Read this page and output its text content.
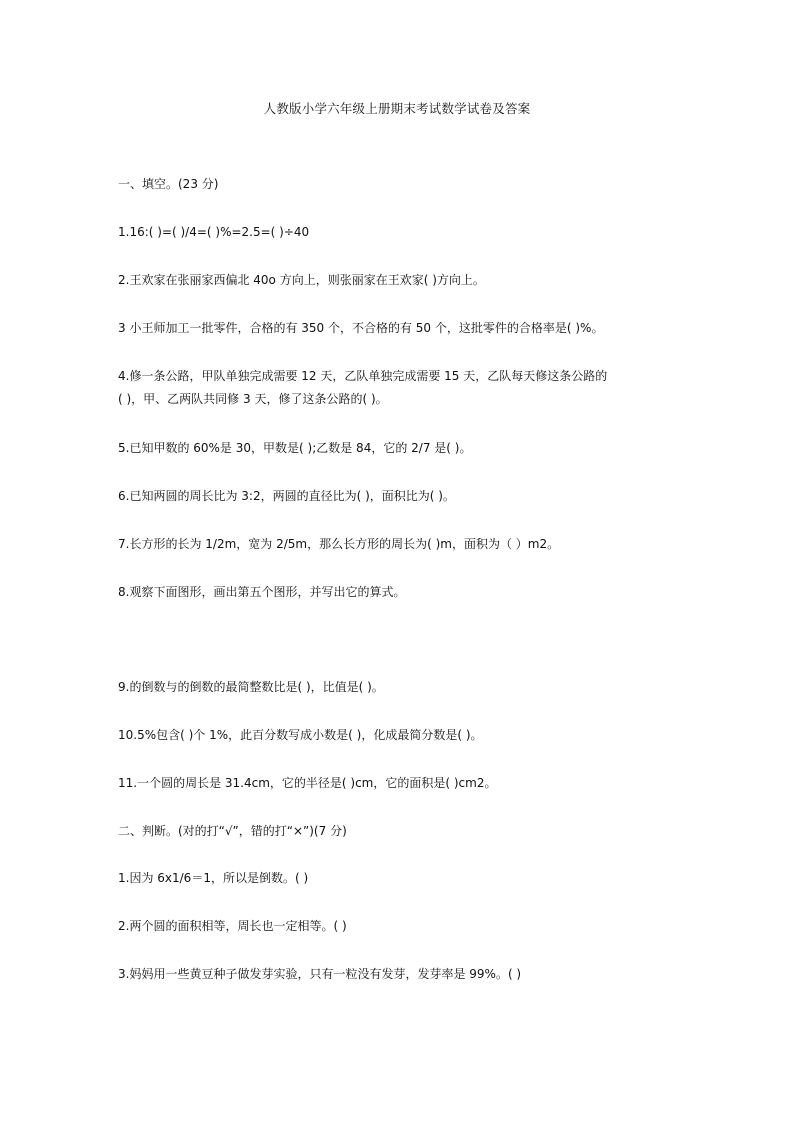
人教版小学六年级上册期末考试数学试卷及答案
一、填空。(23 分)
1.16:( )=( )/4=( )%=2.5=( )÷40
2.王欢家在张丽家西偏北 40o 方向上，则张丽家在王欢家( )方向上。
3 小王师加工一批零件，合格的有 350 个，不合格的有 50 个，这批零件的合格率是( )%。
4.修一条公路，甲队单独完成需要 12 天，乙队单独完成需要 15 天，乙队每天修这条公路的
( )，甲、乙两队共同修 3 天，修了这条公路的( )。
5.已知甲数的 60%是 30，甲数是( );乙数是 84，它的 2/7 是( )。
6.已知两圆的周长比为 3:2，两圆的直径比为( )，面积比为( )。
7.长方形的长为 1/2m，宽为 2/5m，那么长方形的周长为( )m，面积为（ ）m2。
8.观察下面图形，画出第五个图形，并写出它的算式。
9.的倒数与的倒数的最简整数比是( )，比值是( )。
10.5%包含( )个 1%，此百分数写成小数是( )，化成最简分数是( )。
11.一个圆的周长是 31.4cm，它的半径是( )cm，它的面积是( )cm2。
二、判断。(对的打“√”，错的打“×”)(7 分)
1.因为 6x1/6＝1，所以是倒数。( )
2.两个圆的面积相等，周长也一定相等。( )
3.妈妈用一些黄豆种子做发芽实验，只有一粒没有发芽，发芽率是 99%。( )
